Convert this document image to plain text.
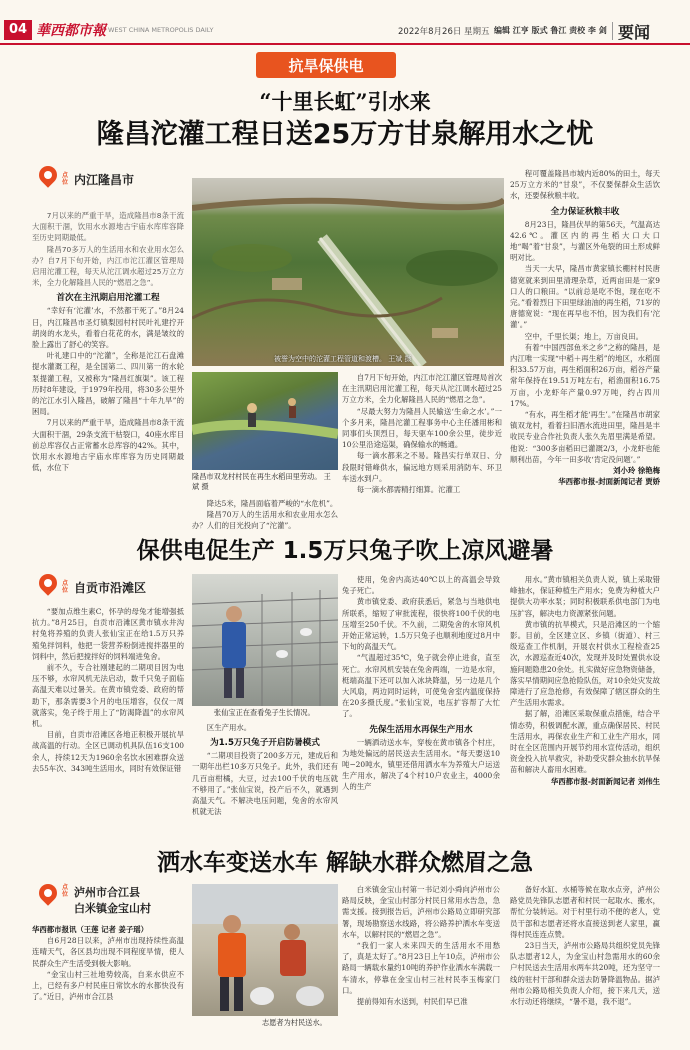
04 華西都市報 WEST CHINA METROPOLIS DAILY	2022年8月26日 星期五 编辑 江亨 版式 鲁江 责校 李 剑 要闻
抗旱保供电
“十里长虹”引水来
隆昌沱灌工程日送25万方甘泉解用水之忧
点位 内江隆昌市

7月以来的严重干旱，造成隆昌市8条干流大面积干涸，饮用水水源地古宇庙水库库容降至历史同期最低。

隆昌70多万人的生活用水和农业用水怎么办？自7月下旬开始，内江市沱江灌区管理局启用沱灌工程，每天从沱江调水超过25万立方米，全力化解隆昌人民的“燃眉之急”。

首次在主汛期启用沱灌工程

“幸好有‘沱灌’水，不然都干死了。”8月24日，内江隆昌市圣灯镇梨园村村民叶礼建拧开胡岗的水龙头，看着白花花的水，满是皱纹的脸上露出了舒心的笑容。

叶礼建口中的“沱灌”，全称是沱江石盘滩提水灌溉工程，是全国第二、四川第一的水轮泵提灌工程，又被称为“隆昌红旗渠”。该工程历时8年建设，于1979年投用，将30多公里外的沱江水引入隆昌，破解了隆昌“十年九旱”的困局。

7月以来的严重干旱，造成隆昌市8条干流大面积干涸，29条支流干枯裂口，40座水库目前总库容仅占正常蓄水总库容的42%。其中，饮用水水源地古宇庙水库库容为历史同期最低，水位下

被誉为空中的沱灌工程管道和渡槽。 王斌 摄
隆昌市双龙村村民在再生水稻田里劳动。 王斌 摄

降达5米，隆昌面临着严峻的“水危机”。

隆昌70万人的生活用水和农业用水怎么办？人们的目光投向了“沱灌”。

自7月下旬开始，内江市沱江灌区管理局首次在主汛期启用沱灌工程，每天从沱江调水超过25万立方米，全力化解隆昌人民的“燃眉之急”。

“尽最大努力为隆昌人民输送‘生命之水’。”一个多月来，隆昌沱灌工程事务中心主任潘用彬和同事们头顶烈日，每天驱车100余公里，徒步近10公里沿途巡渠，确保输水的畅通。

每一滴水都来之不易。隆昌实行单双日、分段限时错峰供水，偏远地方则采用消防车、环卫车送水到户。

每一滴水都需精打细算。沱灌工

程可覆盖隆昌市城内近80%的田土，每天25万立方米的“甘泉”，不仅要保群众生活饮水，还要保秋粮丰收。

全力保证秋粮丰收

8月23日，隆昌伏旱的第56天，气温高达42.6℃。灌区内的再生稻大口大口地“喝”着“甘泉”，与灌区外龟裂的田土形成鲜明对比。

当天一大早，隆昌市黄家镇长棚村村民唐德宽就来到田里清理杂草，近两亩田是一家9口人的口粮田。“以前总是吃不饱，现在吃不完。”看着烈日下田里绿油油的再生稻，71岁的唐德宽说：“现在再早也不怕，因为我们有‘沱灌’。”

空中，千里长渠；地上，万亩良田。

有着“中国西部鱼米之乡”之称的隆昌，是内江唯一实现“中稻＋再生稻”的地区，水稻面积33.57万亩，再生稻面积26万亩，稻谷产量常年保持在19.51万吨左右，稻渔面积16.75万亩，小龙虾年产量0.97万吨，约占四川17%。

“有水，再生稻才能‘再生’。”在隆昌市胡家镇双龙村，看着扫旧酒水流进田里，隆昌是丰收民专业合作社负责人张久先眉里满是希望。他说：“300多亩稻田已灌溉2/3，小龙虾也能顺利出苗，今年一田多收‘肯定没问题’。”

刘小玲 徐艳梅

华西都市报-封面新闻记者 贾娇

保供电促生产 1.5万只兔子吹上凉风避暑
点位 自贡市沿滩区

“要加点维生素C，怀孕的母兔才能增强抵抗力。”8月25日，自贡市沿滩区黄市镇水井沟村兔将养殖的负责人张仙宝正在给1.5万只养殖兔拌饲料，他把一袋营养粉倒进搅拌器里的饲料中，然后把搅拌好的饲料端进兔舍。

前不久，专合社刚建起的二期项目因为电压不够，水帘风机无法启动，数千只兔子面临高温天难以过暑关。在黄市镇党委、政府的帮助下，那条需要3个月的电压增容，仅仅一周就落实，兔子终于用上了“防渴降温”的水帘风机。

目前，自贡市沿滩区各地正积极开展抗旱战高温的行动。全区已调动机具队伍16支100余人，持续12天为1960余名饮水困难群众送去55车次、343吨生活用水，同时有效保证错

张仙宝正在查看兔子生长情况。

区生产用水。

为1.5万只兔子开启防暑模式

“二期项目投资了200多万元，建成后和一期年出栏10多万只兔子。此外，我们还有几百亩柑橘，大豆，过去100千伏的电压就不够用了。”张仙宝说，投产后不久，就遇到高温天气。不解决电压问题，兔舍的水帘风机就无法

使用，兔舍内高达40℃以上的高温会导致兔子死亡。

黄市镇党委、政府获悉后，紧急与当地供电所联系，缩短了审批流程，很快将100千伏的电压增至250千伏。不久前，二期兔舍的水帘风机开始正常运转，1.5万只兔子也顺利地度过8月中下旬的高温天气。

“气温超过35℃，兔子就会停止进食，直至死亡。水帘风机安装在兔舍两端，一边是水帘，梃端高温下还可以加入冰块降温，另一边是几个大风扇，两边同时运转，可使兔舍室内温度保持在20多摄氏度。”张仙宝说，电压扩容帮了大忙了。

先保生活用水再保生产用水

一辆洒动送水车，穿梭在黄市镇各个村庄，为地处偏远的居民送去生活用水。“每天要送10吨−20吨水，镇里还借用洒水车为养殖大户运送生产用水，解决了4个村10户农业主，4000余人的生产

用水。”黄市镇相关负责人说，镇上采取错峰抽水，保证种植生产用水；免费为种植大户提供大功率水泵；同时积极联系供电部门为电压扩容，解决电力资源紧张问题。

黄市镇的抗旱模式，只是沿滩区的一个缩影。目前，全区建立区、乡镇（街道）、村三级巡查工作机制，开展农村供水工程检查25次，水源巡查近40次，发现并及时处置供水设施问题隐患20余处。扎实做好应急物资储备，落实早情期间应急抢险队伍，对10余处灾发故障进行了应急抢修，有效保障了辖区群众的生产生活用水需求。

据了解，沿滩区采取保重点措施，结合平情态势，积极调配水源，重点确保居民、村民生活用水，再保农业生产和工业生产用水，同时在全区范围内开展节约用水宣传活动，组织资金投入抗旱救灾，补助受灾群众抽水抗旱保苗和解决人畜用水困难。

华西都市报-封面新闻记者 刘伟生

洒水车变送水车 解缺水群众燃眉之急
点位 泸州市合江县
白米镇金宝山村

华西都市报讯（王莲 记者 姜子瑶）

自6月28日以来，泸州市出现持续性高温连晴天气，各区县均出现不同程度旱情，使人民群众生产生活受到极大影响。

“金宝山村三社地势较高，自来水供应不上，已经有多户村民座日常饮水的水都快没有了。”近日，泸州市合江县

志愿者为村民送水。

白米镇金宝山村第一书记刘小舜向泸州市公路局反映，金宝山村部分村民日常用水告急，急需支援。接到报告后，泸州市公路局立即研究部署，现场勘察送水线路，将公路养护洒水车变送水车，以解村民的“燃眉之急”。

“我们一家人未来四天的生活用水不用愁了，真是太好了。”8月23日上午10点，泸州市公路局一辆载水量约10吨的养护作业洒水车满载一车清水，停靠在金宝山村三社村民李玉梅家门口。

提前得知有水送到，村民们早已准

备好水缸、水桶等候在取水点旁，泸州公路党员先锋队志愿者和村民一起取水、搬水，帮忙分装转运。对于村里行动不便的老人，党员干部和志愿者还将水直接送到老人家里，赢得村民连连点赞。

23日当天，泸州市公路局共组织党员先锋队志愿者12人，为金宝山村急需用水的60余户村民送去生活用水两车共20吨，还为坚守一线的驻村干部和群众送去防暑降温物品。据泸州市公路局相关负责人介绍，接下来几天，送水行动还将继续，“暑不退，我不退”。
